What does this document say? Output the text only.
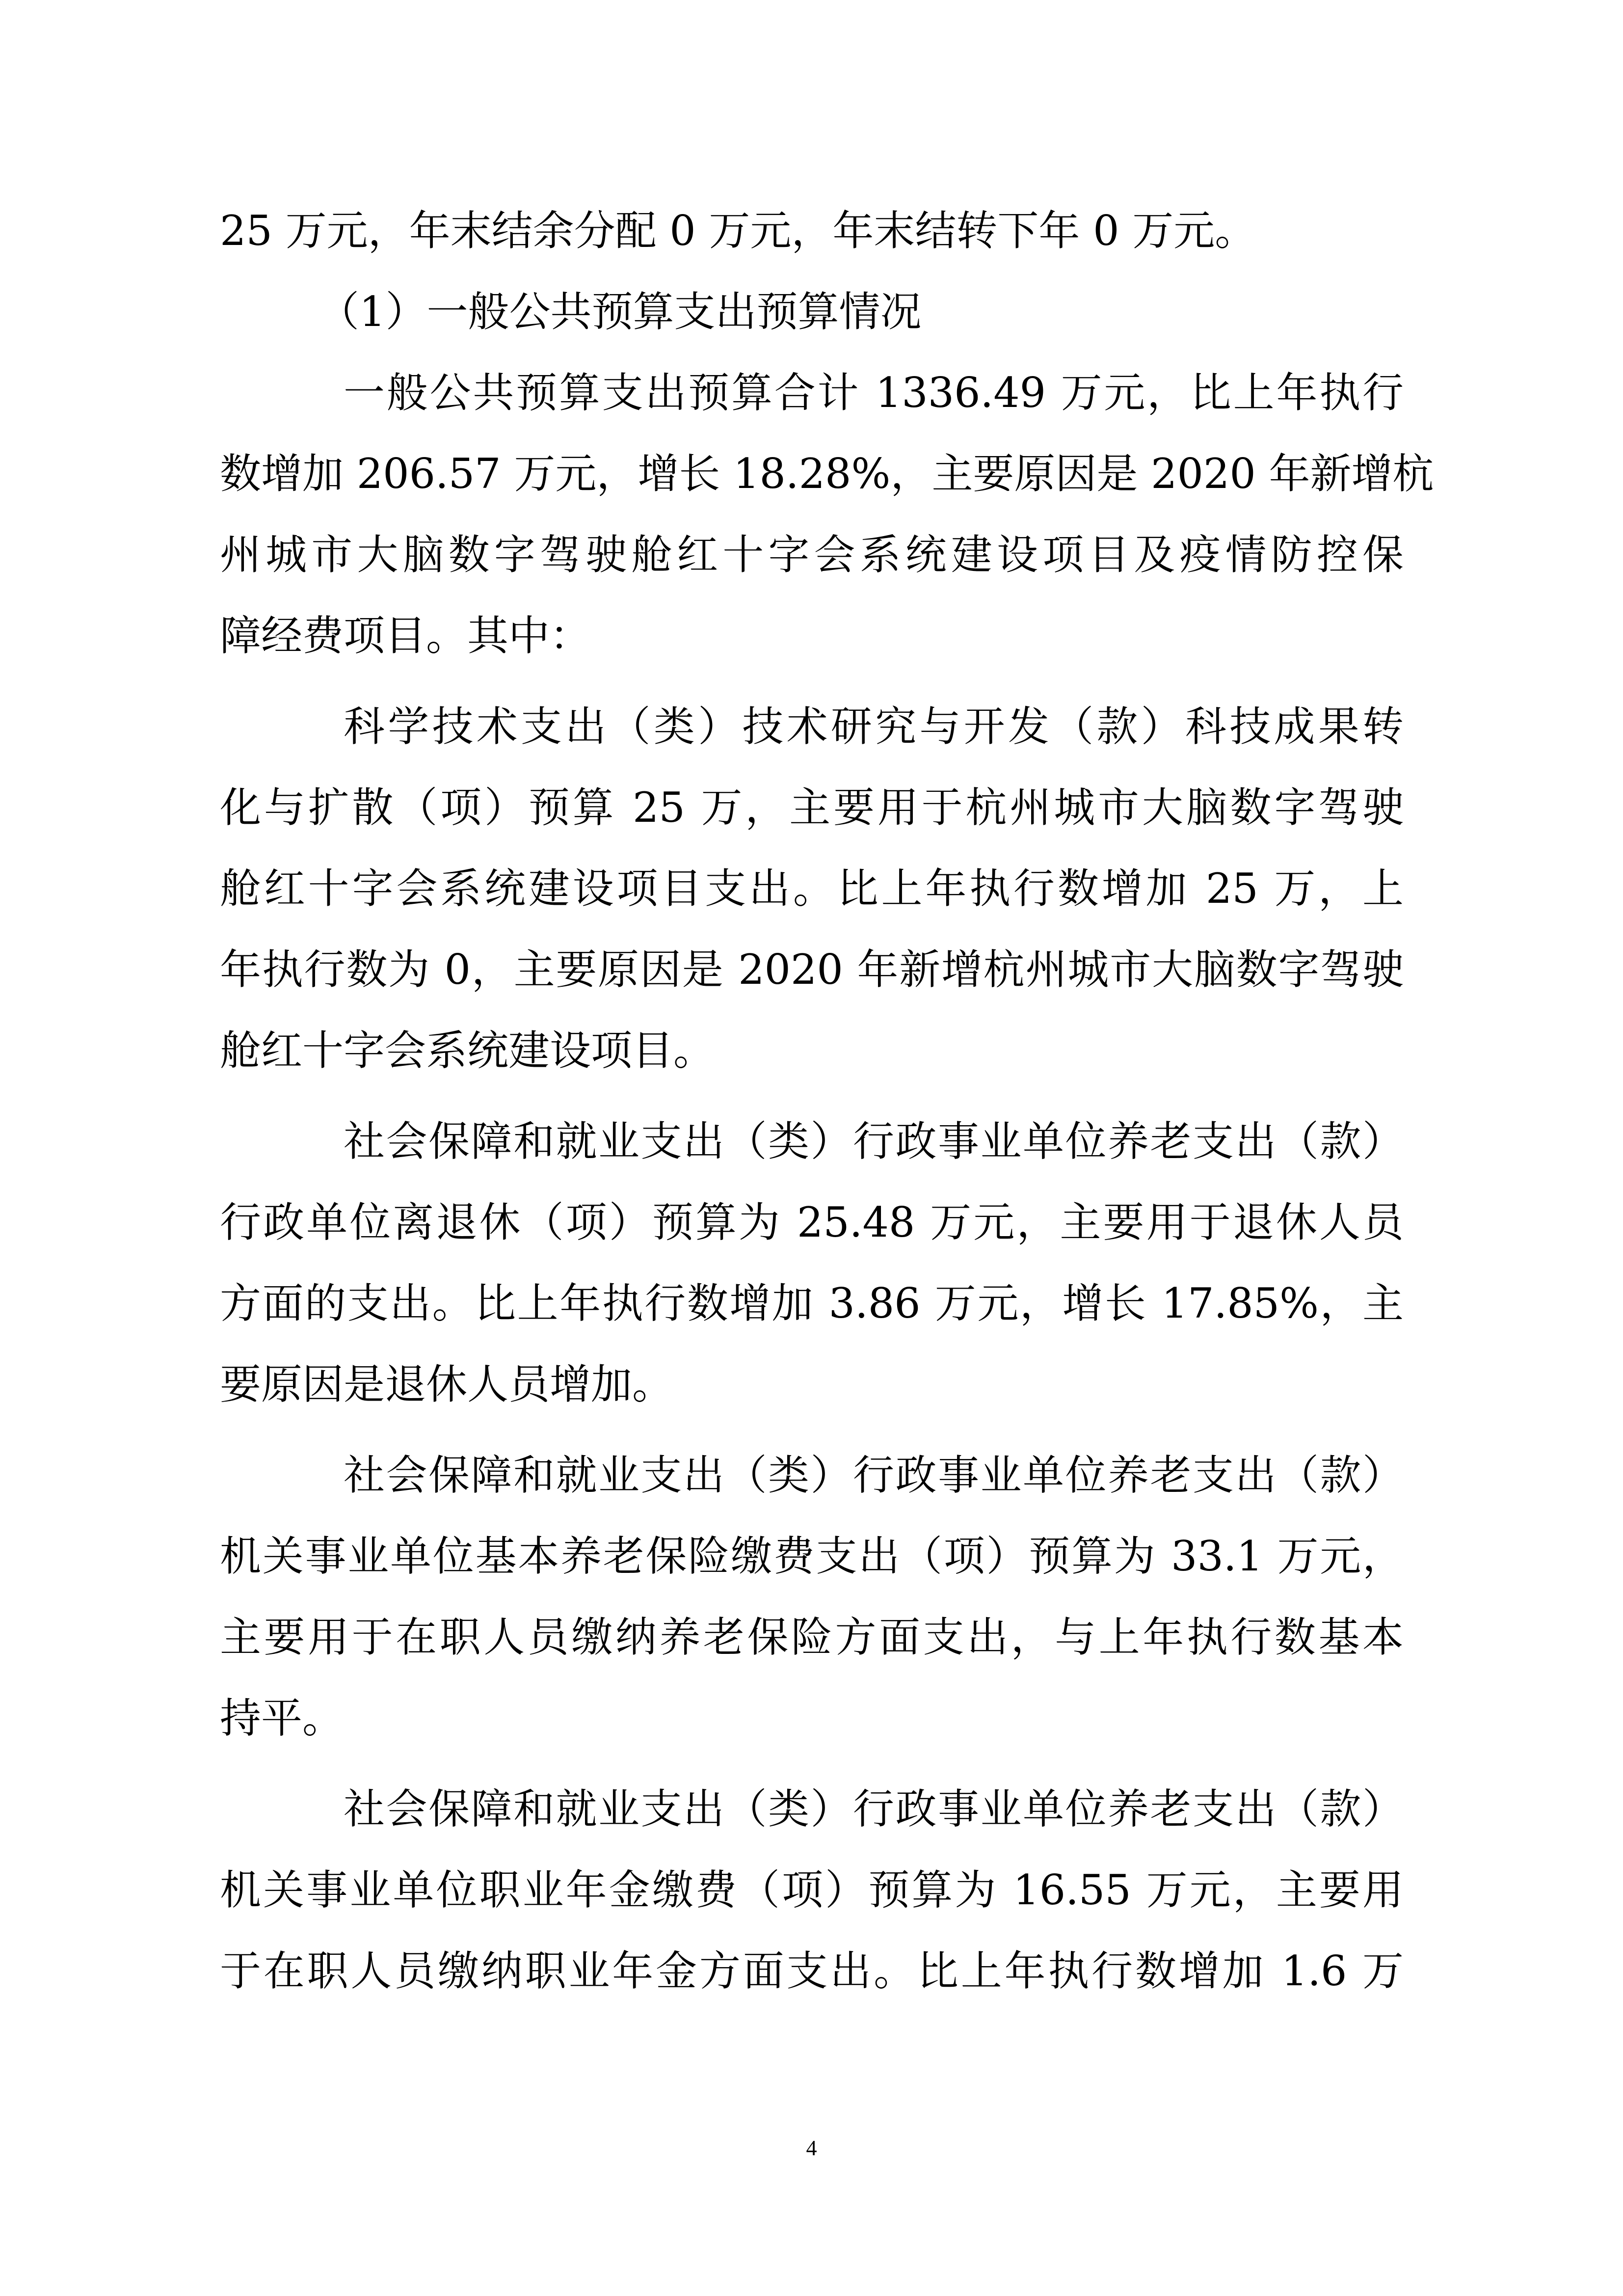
25 万元，年末结余分配 0 万元，年末结转下年 0 万元。
（1）一般公共预算支出预算情况
一般公共预算支出预算合计 1336.49 万元，比上年执行
数增加 206.57 万元，增长 18.28%，主要原因是 2020 年新增杭
州城市大脑数字驾驶舱红十字会系统建设项目及疫情防控保
障经费项目。其中：
科学技术支出（类）技术研究与开发（款）科技成果转
化与扩散（项）预算 25 万，主要用于杭州城市大脑数字驾驶
舱红十字会系统建设项目支出。比上年执行数增加 25 万，上
年执行数为 0，主要原因是 2020 年新增杭州城市大脑数字驾驶
舱红十字会系统建设项目。
社会保障和就业支出（类）行政事业单位养老支出（款）
行政单位离退休（项）预算为 25.48 万元，主要用于退休人员
方面的支出。比上年执行数增加 3.86 万元，增长 17.85%，主
要原因是退休人员增加。
社会保障和就业支出（类）行政事业单位养老支出（款）
机关事业单位基本养老保险缴费支出（项）预算为 33.1 万元，
主要用于在职人员缴纳养老保险方面支出，与上年执行数基本
持平。
社会保障和就业支出（类）行政事业单位养老支出（款）
机关事业单位职业年金缴费（项）预算为 16.55 万元，主要用
于在职人员缴纳职业年金方面支出。比上年执行数增加 1.6 万
4
